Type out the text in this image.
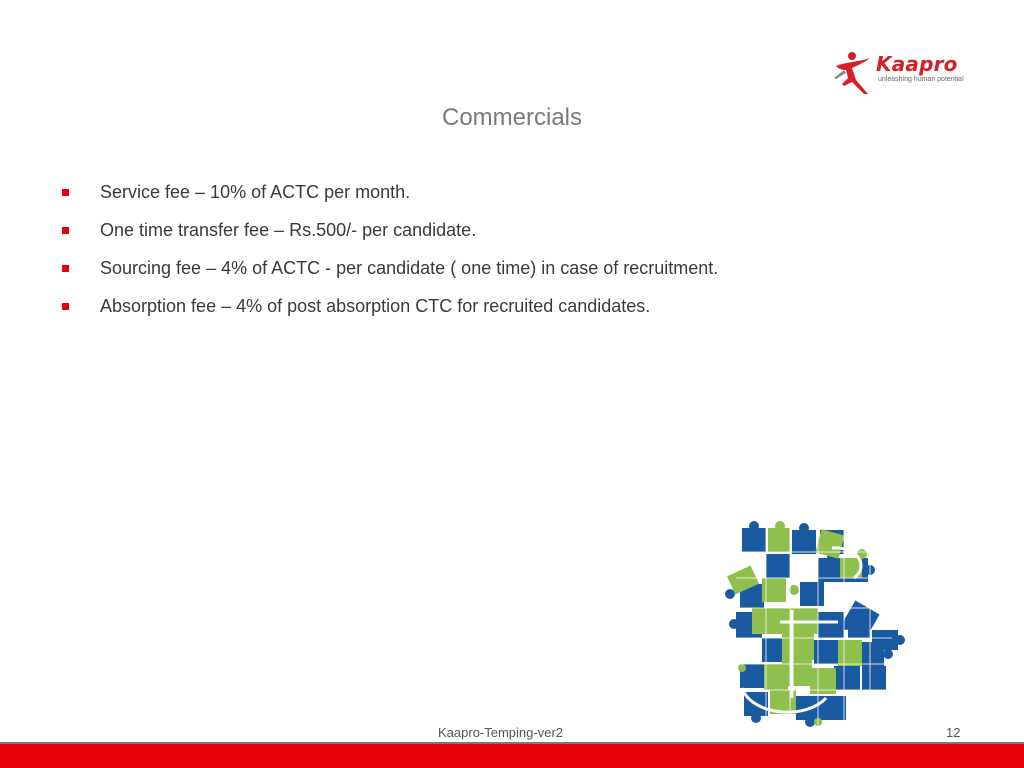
Kaapro
unleashing human potential
Commercials
Service fee – 10% of ACTC per month.
One time transfer fee – Rs.500/- per candidate.
Sourcing fee – 4% of ACTC - per candidate ( one time) in case of recruitment.
Absorption fee – 4% of post absorption CTC for recruited candidates.
Kaapro-Temping-ver2	12
